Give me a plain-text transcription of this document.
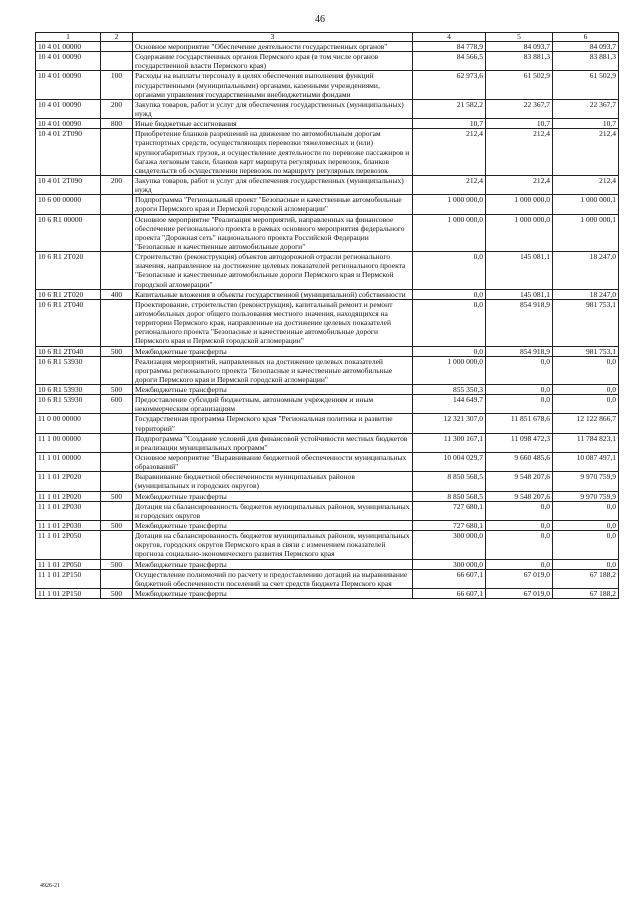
46
1	2	3	4	5	6
10 4 01 00000		Основное мероприятие "Обеспечение деятельности государственных органов"	84 778,9	84 093,7	84 093,7
10 4 01 00090		Содержание государственных органов Пермского края (в том числе органов государственной власти Пермского края)	84 566,5	83 881,3	83 881,3
10 4 01 00090	100	Расходы на выплаты персоналу в целях обеспечения выполнения функций государственными (муниципальными) органами, казенными учреждениями, органами управления государственными внебюджетными фондами	62 973,6	61 502,9	61 502,9
10 4 01 00090	200	Закупка товаров, работ и услуг для обеспечения государственных (муниципальных) нужд	21 582,2	22 367,7	22 367,7
10 4 01 00090	800	Иные бюджетные ассигнования	10,7	10,7	10,7
10 4 01 2Т090		Приобретение бланков разрешений на движение по автомобильным дорогам транспортных средств, осуществляющих перевозки тяжеловесных и (или) крупногабаритных грузов, и осуществление деятельности по перевозке пассажиров и багажа легковым такси, бланков карт маршрута регулярных перевозок, бланков свидетельств об осуществлении перевозок по маршруту регулярных перевозок	212,4	212,4	212,4
10 4 01 2Т090	200	Закупка товаров, работ и услуг для обеспечения государственных (муниципальных) нужд	212,4	212,4	212,4
10 6 00 00000		Подпрограмма "Региональный проект "Безопасные и качественные автомобильные дороги Пермского края и Пермской городской агломерации"	1 000 000,0	1 000 000,0	1 000 000,1
10 6 R1 00000		Основное мероприятие "Реализация мероприятий, направленных на финансовое обеспечение регионального проекта в рамках основного мероприятия федерального проекта "Дорожная сеть" национального проекта Российской Федерации "Безопасные и качественные автомобильные дороги"	1 000 000,0	1 000 000,0	1 000 000,1
10 6 R1 2Т020		Строительство (реконструкция) объектов автодорожной отрасли регионального значения, направленное на достижение целевых показателей регионального проекта "Безопасные и качественные автомобильные дороги Пермского края и Пермской городской агломерации"	0,0	145 081,1	18 247,0
10 6 R1 2Т020	400	Капитальные вложения в объекты государственной (муниципальной) собственности	0,0	145 081,1	18 247,0
10 6 R1 2Т040		Проектирование, строительство (реконструкция), капитальный ремонт и ремонт автомобильных дорог общего пользования местного значения, находящихся на территории Пермского края, направленные на достижение целевых показателей регионального проекта "Безопасные и качественные автомобильные дороги Пермского края и Пермской городской агломерации"	0,0	854 918,9	981 753,1
10 6 R1 2Т040	500	Межбюджетные трансферты	0,0	854 918,9	981 753,1
10 6 R1 53930		Реализация мероприятий, направленных на достижение целевых показателей программы регионального проекта "Безопасные и качественные автомобильные дороги Пермского края и Пермской городской агломерации"	1 000 000,0	0,0	0,0
10 6 R1 53930	500	Межбюджетные трансферты	855 350,3	0,0	0,0
10 6 R1 53930	600	Предоставление субсидий бюджетным, автономным учреждениям и иным некоммерческим организациям	144 649,7	0,0	0,0
11 0 00 00000		Государственная программа Пермского края "Региональная политика и развитие территорий"	12 321 307,0	11 851 678,6	12 122 866,7
11 1 00 00000		Подпрограмма "Создание условий для финансовой устойчивости местных бюджетов и реализации муниципальных программ"	11 300 167,1	11 098 472,3	11 784 823,1
11 1 01 00000		Основное мероприятие "Выравнивание бюджетной обеспеченности муниципальных образований"	10 004 029,7	9 660 485,6	10 087 497,1
11 1 01 2Р020		Выравнивание бюджетной обеспеченности муниципальных районов (муниципальных и городских округов)	8 850 568,5	9 548 207,6	9 970 759,9
11 1 01 2Р020	500	Межбюджетные трансферты	8 850 568,5	9 548 207,6	9 970 759,9
11 1 01 2Р030		Дотация на сбалансированность бюджетов муниципальных районов, муниципальных и городских округов	727 680,1	0,0	0,0
11 1 01 2Р030	500	Межбюджетные трансферты	727 680,1	0,0	0,0
11 1 01 2Р050		Дотация на сбалансированность бюджетов муниципальных районов, муниципальных округов, городских округов Пермского края в связи с изменением показателей прогноза социально-экономического развития Пермского края	300 000,0	0,0	0,0
11 1 01 2Р050	500	Межбюджетные трансферты	300 000,0	0,0	0,0
11 1 01 2Р150		Осуществление полномочий по расчету и предоставлению дотаций на выравнивание бюджетной обеспеченности поселений за счет средств бюджета Пермского края	66 607,1	67 019,0	67 188,2
11 1 01 2Р150	500	Межбюджетные трансферты	66 607,1	67 019,0	67 188,2
4926-21
